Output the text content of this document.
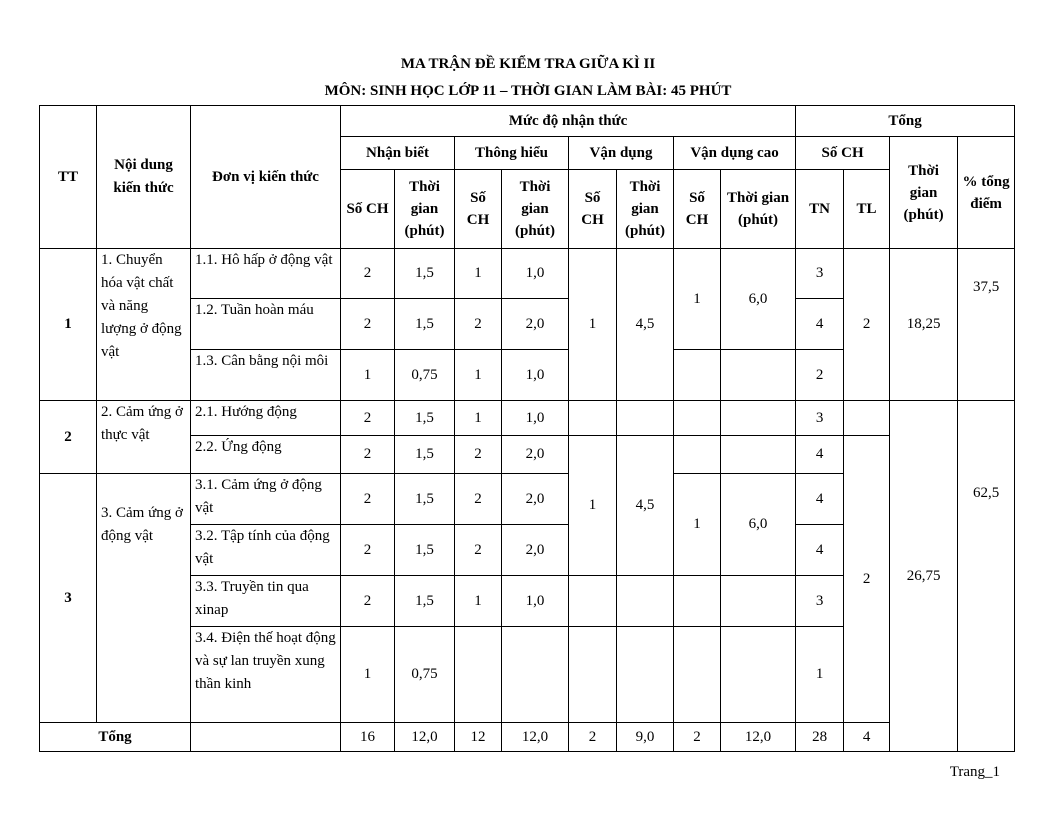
MA TRẬN ĐỀ KIỂM TRA GIỮA KÌ II
MÔN: SINH HỌC LỚP 11 – THỜI GIAN LÀM BÀI: 45 PHÚT
TT	Nội dung kiến thức	Đơn vị kiến thức	Mức độ nhận thức								Tổng				
			Nhận biết		Thông hiểu		Vận dụng		Vận dụng cao		Số CH		Thời gian (phút)	% tổng điểm	
			Số CH	Thời gian (phút)	Số CH	Thời gian (phút)	Số CH	Thời gian (phút)	Số CH	Thời gian (phút)	TN	TL			
1	1. Chuyển hóa vật chất và năng lượng ở động vật	1.1. Hô hấp ở động vật	2	1,5	1	1,0	1	4,5	1	6,0	3	2	18,25	37,5	
		1.2. Tuần hoàn máu	2	1,5	2	2,0					4				
		1.3. Cân bằng nội môi	1	0,75	1	1,0					2				
2	2. Cảm ứng ở thực vật	2.1. Hướng động	2	1,5	1	1,0					3		26,75	62,5	
		2.2. Ứng động	2	1,5	2	2,0	1	4,5			4	2			
3	3. Cảm ứng ở động vật	3.1. Cảm ứng ở động vật	2	1,5	2	2,0			1	6,0	4				
		3.2. Tập tính của động vật	2	1,5	2	2,0					4				
		3.3. Truyền tin qua xinap	2	1,5	1	1,0					3				
		3.4. Điện thế hoạt động và sự lan truyền xung thần kinh	1	0,75							1				
Tổng			16	12,0	12	12,0	2	9,0	2	12,0	28	4		
Trang_1
